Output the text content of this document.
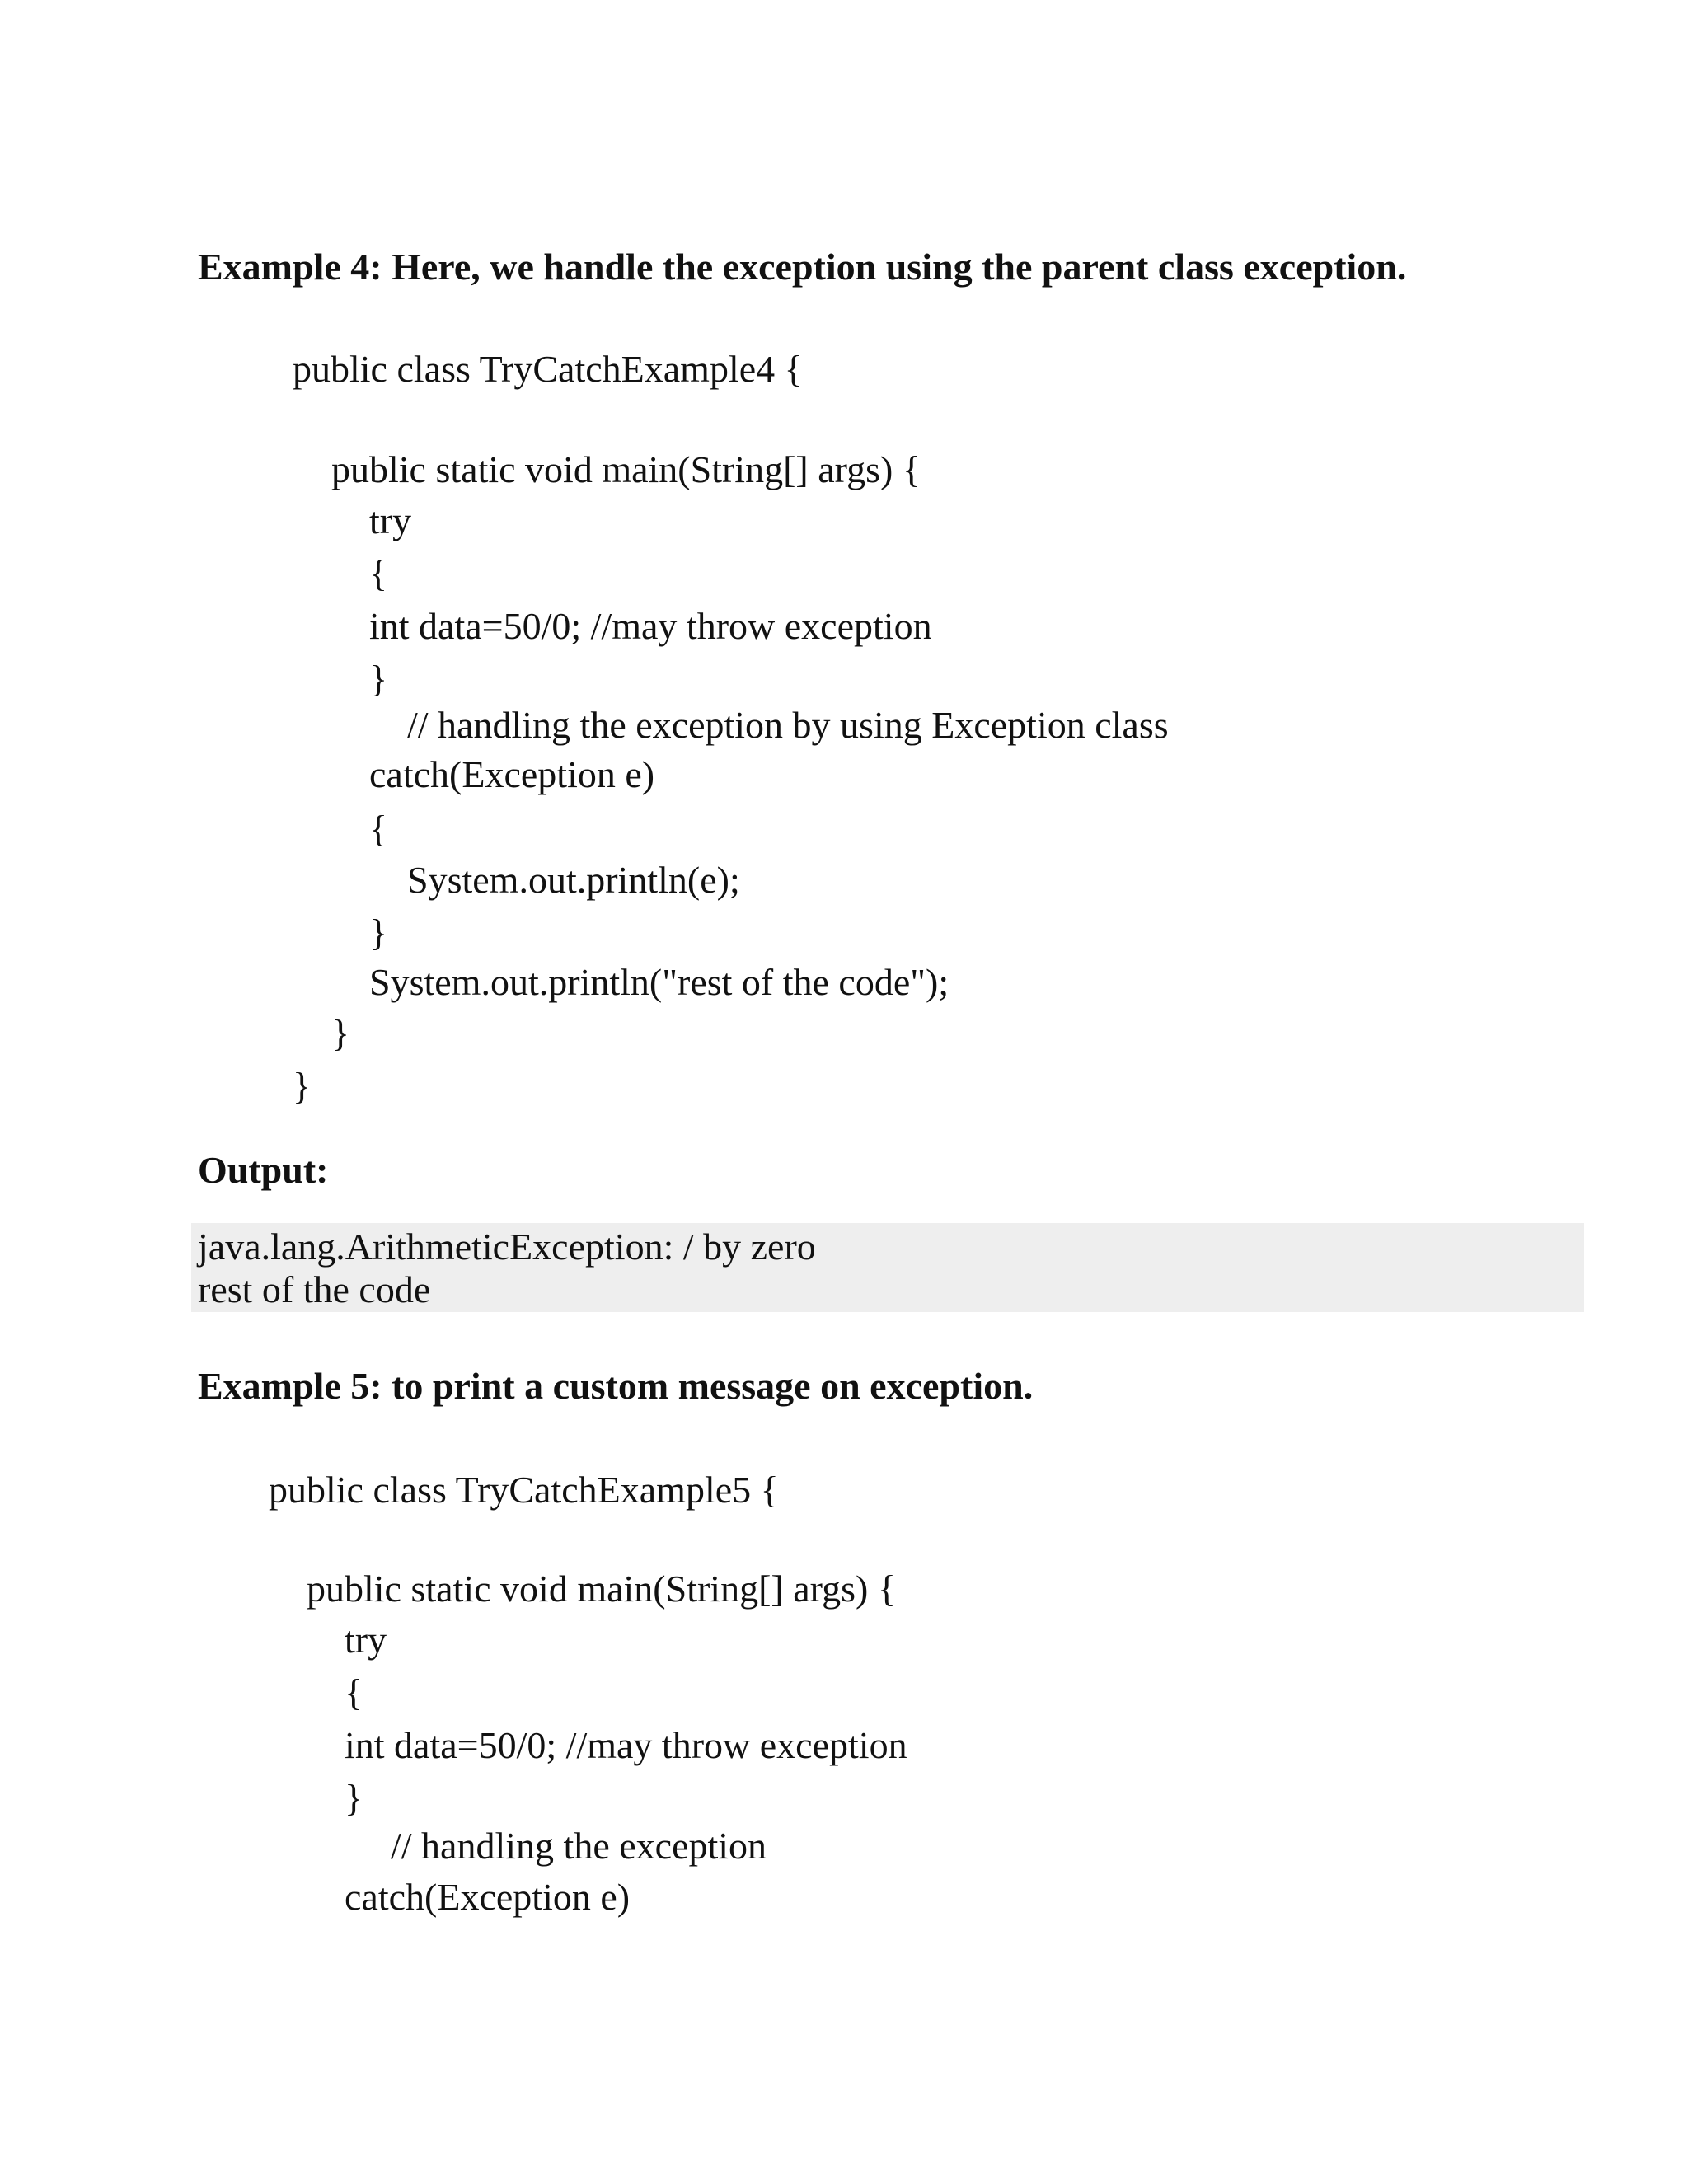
Example 4: Here, we handle the exception using the parent class exception.
public class TryCatchExample4 {
public static void main(String[] args) {
try
{
int data=50/0; //may throw exception
}
// handling the exception by using Exception class
catch(Exception e)
{
System.out.println(e);
}
System.out.println("rest of the code");
}
}
Output:
java.lang.ArithmeticException: / by zero
rest of the code
Example 5: to print a custom message on exception.
public class TryCatchExample5 {
public static void main(String[] args) {
try
{
int data=50/0; //may throw exception
}
// handling the exception
catch(Exception e)
